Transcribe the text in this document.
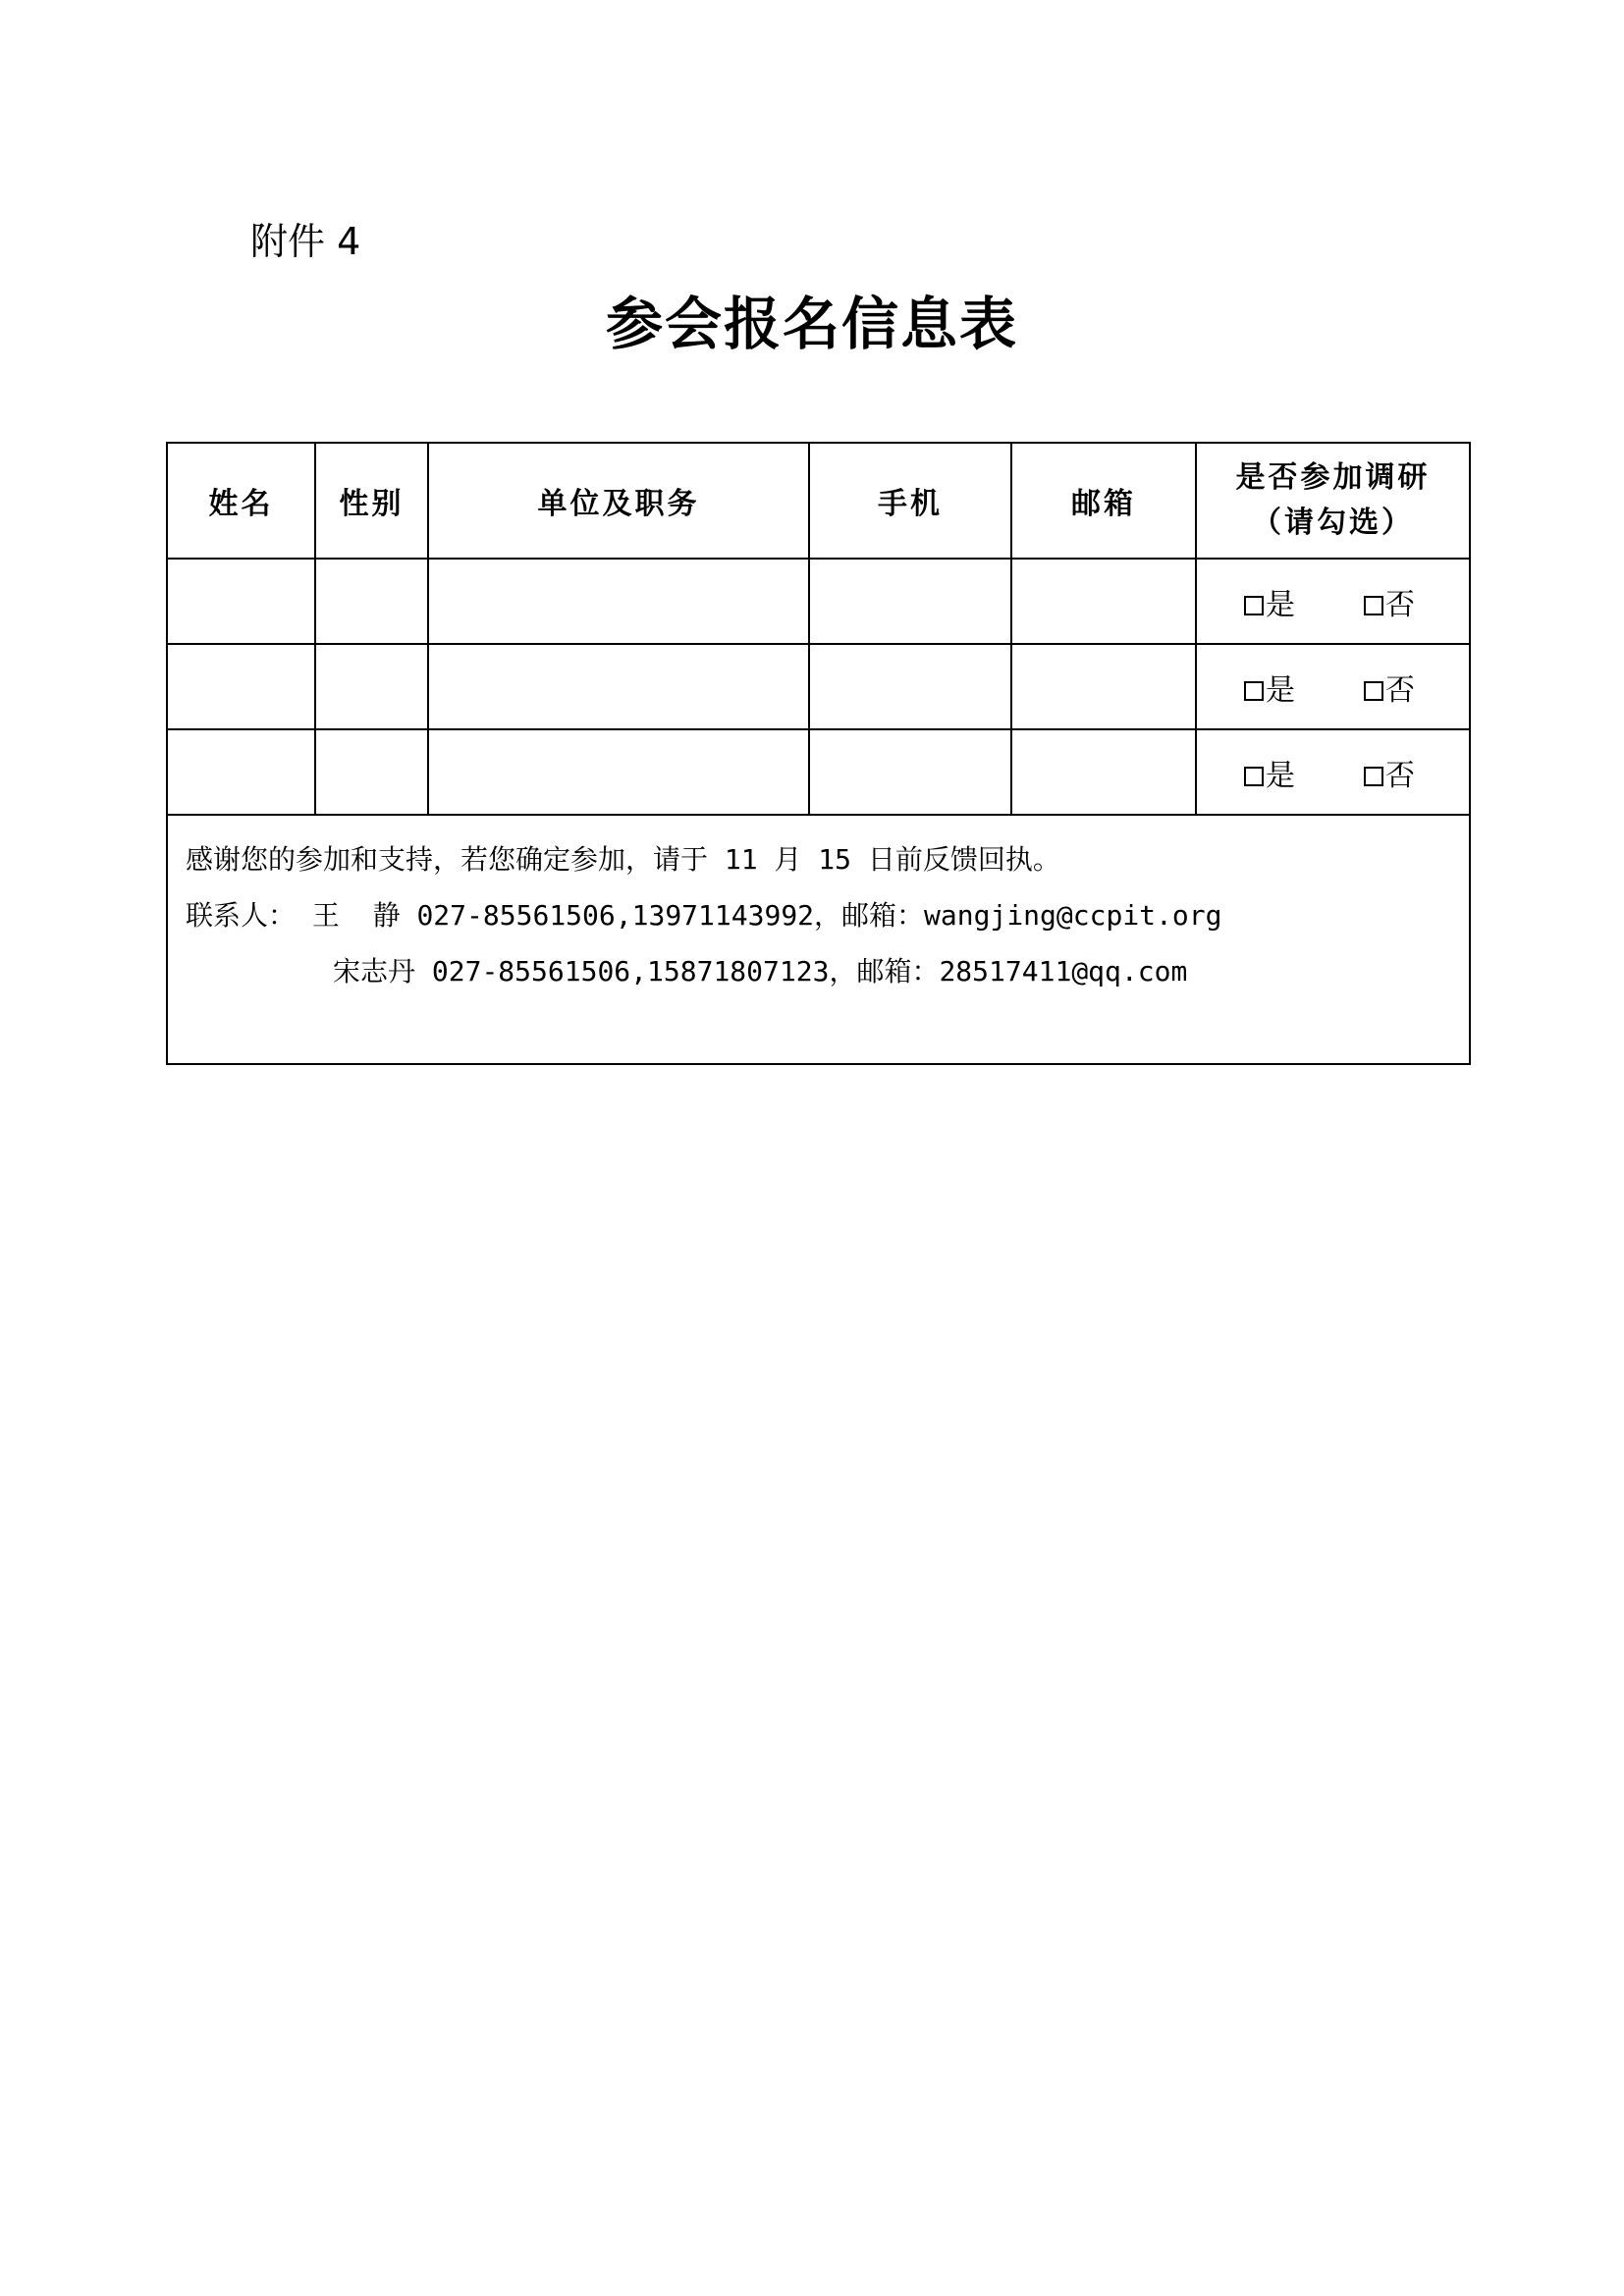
附件 4
参会报名信息表
姓名	性别	单位及职务	手机	邮箱	是否参加调研
（请勾选）

					是 否
					是 否
					是 否

感谢您的参加和支持，若您确定参加，请于 11 月 15 日前反馈回执。
联系人： 王  静 027-85561506,13971143992，邮箱：wangjing@ccpit.org
宋志丹 027-85561506,15871807123，邮箱：28517411@qq.com					
